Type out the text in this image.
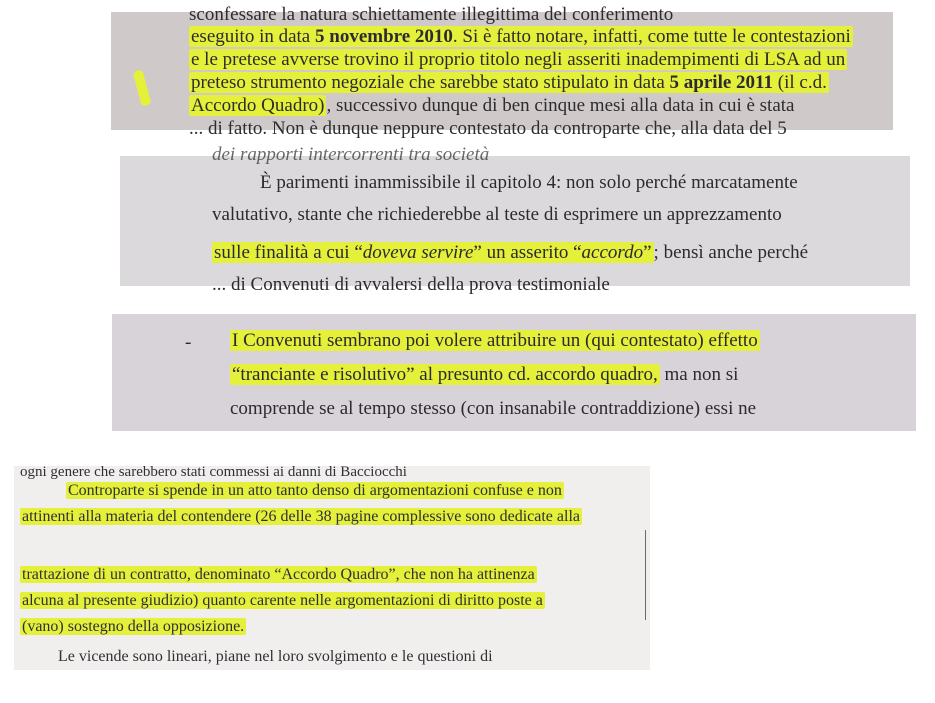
sconfessare la natura schiettamente illegittima del conferimento
eseguito in data 5 novembre 2010. Si è fatto notare, infatti, come tutte le contestazioni
e le pretese avverse trovino il proprio titolo negli asseriti inadempimenti di LSA ad un
preteso strumento negoziale che sarebbe stato stipulato in data 5 aprile 2011 (il c.d.
Accordo Quadro) , successivo dunque di ben cinque mesi alla data in cui è stata
... di fatto. Non è dunque neppure contestato da controparte che, alla data del 5
dei rapporti intercorrenti tra società
È parimenti inammissibile il capitolo 4: non solo perché marcatamente
valutativo, stante che richiederebbe al teste di esprimere un apprezzamento
sulle finalità a cui “doveva servire” un asserito “accordo” ; bensì anche perché
... di Convenuti di avvalersi della prova testimoniale
- I Convenuti sembrano poi volere attribuire un (qui contestato) effetto
“tranciante e risolutivo” al presunto cd. accordo quadro, ma non si
comprende se al tempo stesso (con insanabile contraddizione) essi ne
ogni genere che sarebbero stati commessi ai danni di Bacciocchi
Controparte si spende in un atto tanto denso di argomentazioni confuse e non
attinenti alla materia del contendere (26 delle 38 pagine complessive sono dedicate alla
trattazione di un contratto, denominato “Accordo Quadro”, che non ha attinenza
alcuna al presente giudizio) quanto carente nelle argomentazioni di diritto poste a
(vano) sostegno della opposizione.
Le vicende sono lineari, piane nel loro svolgimento e le questioni di
